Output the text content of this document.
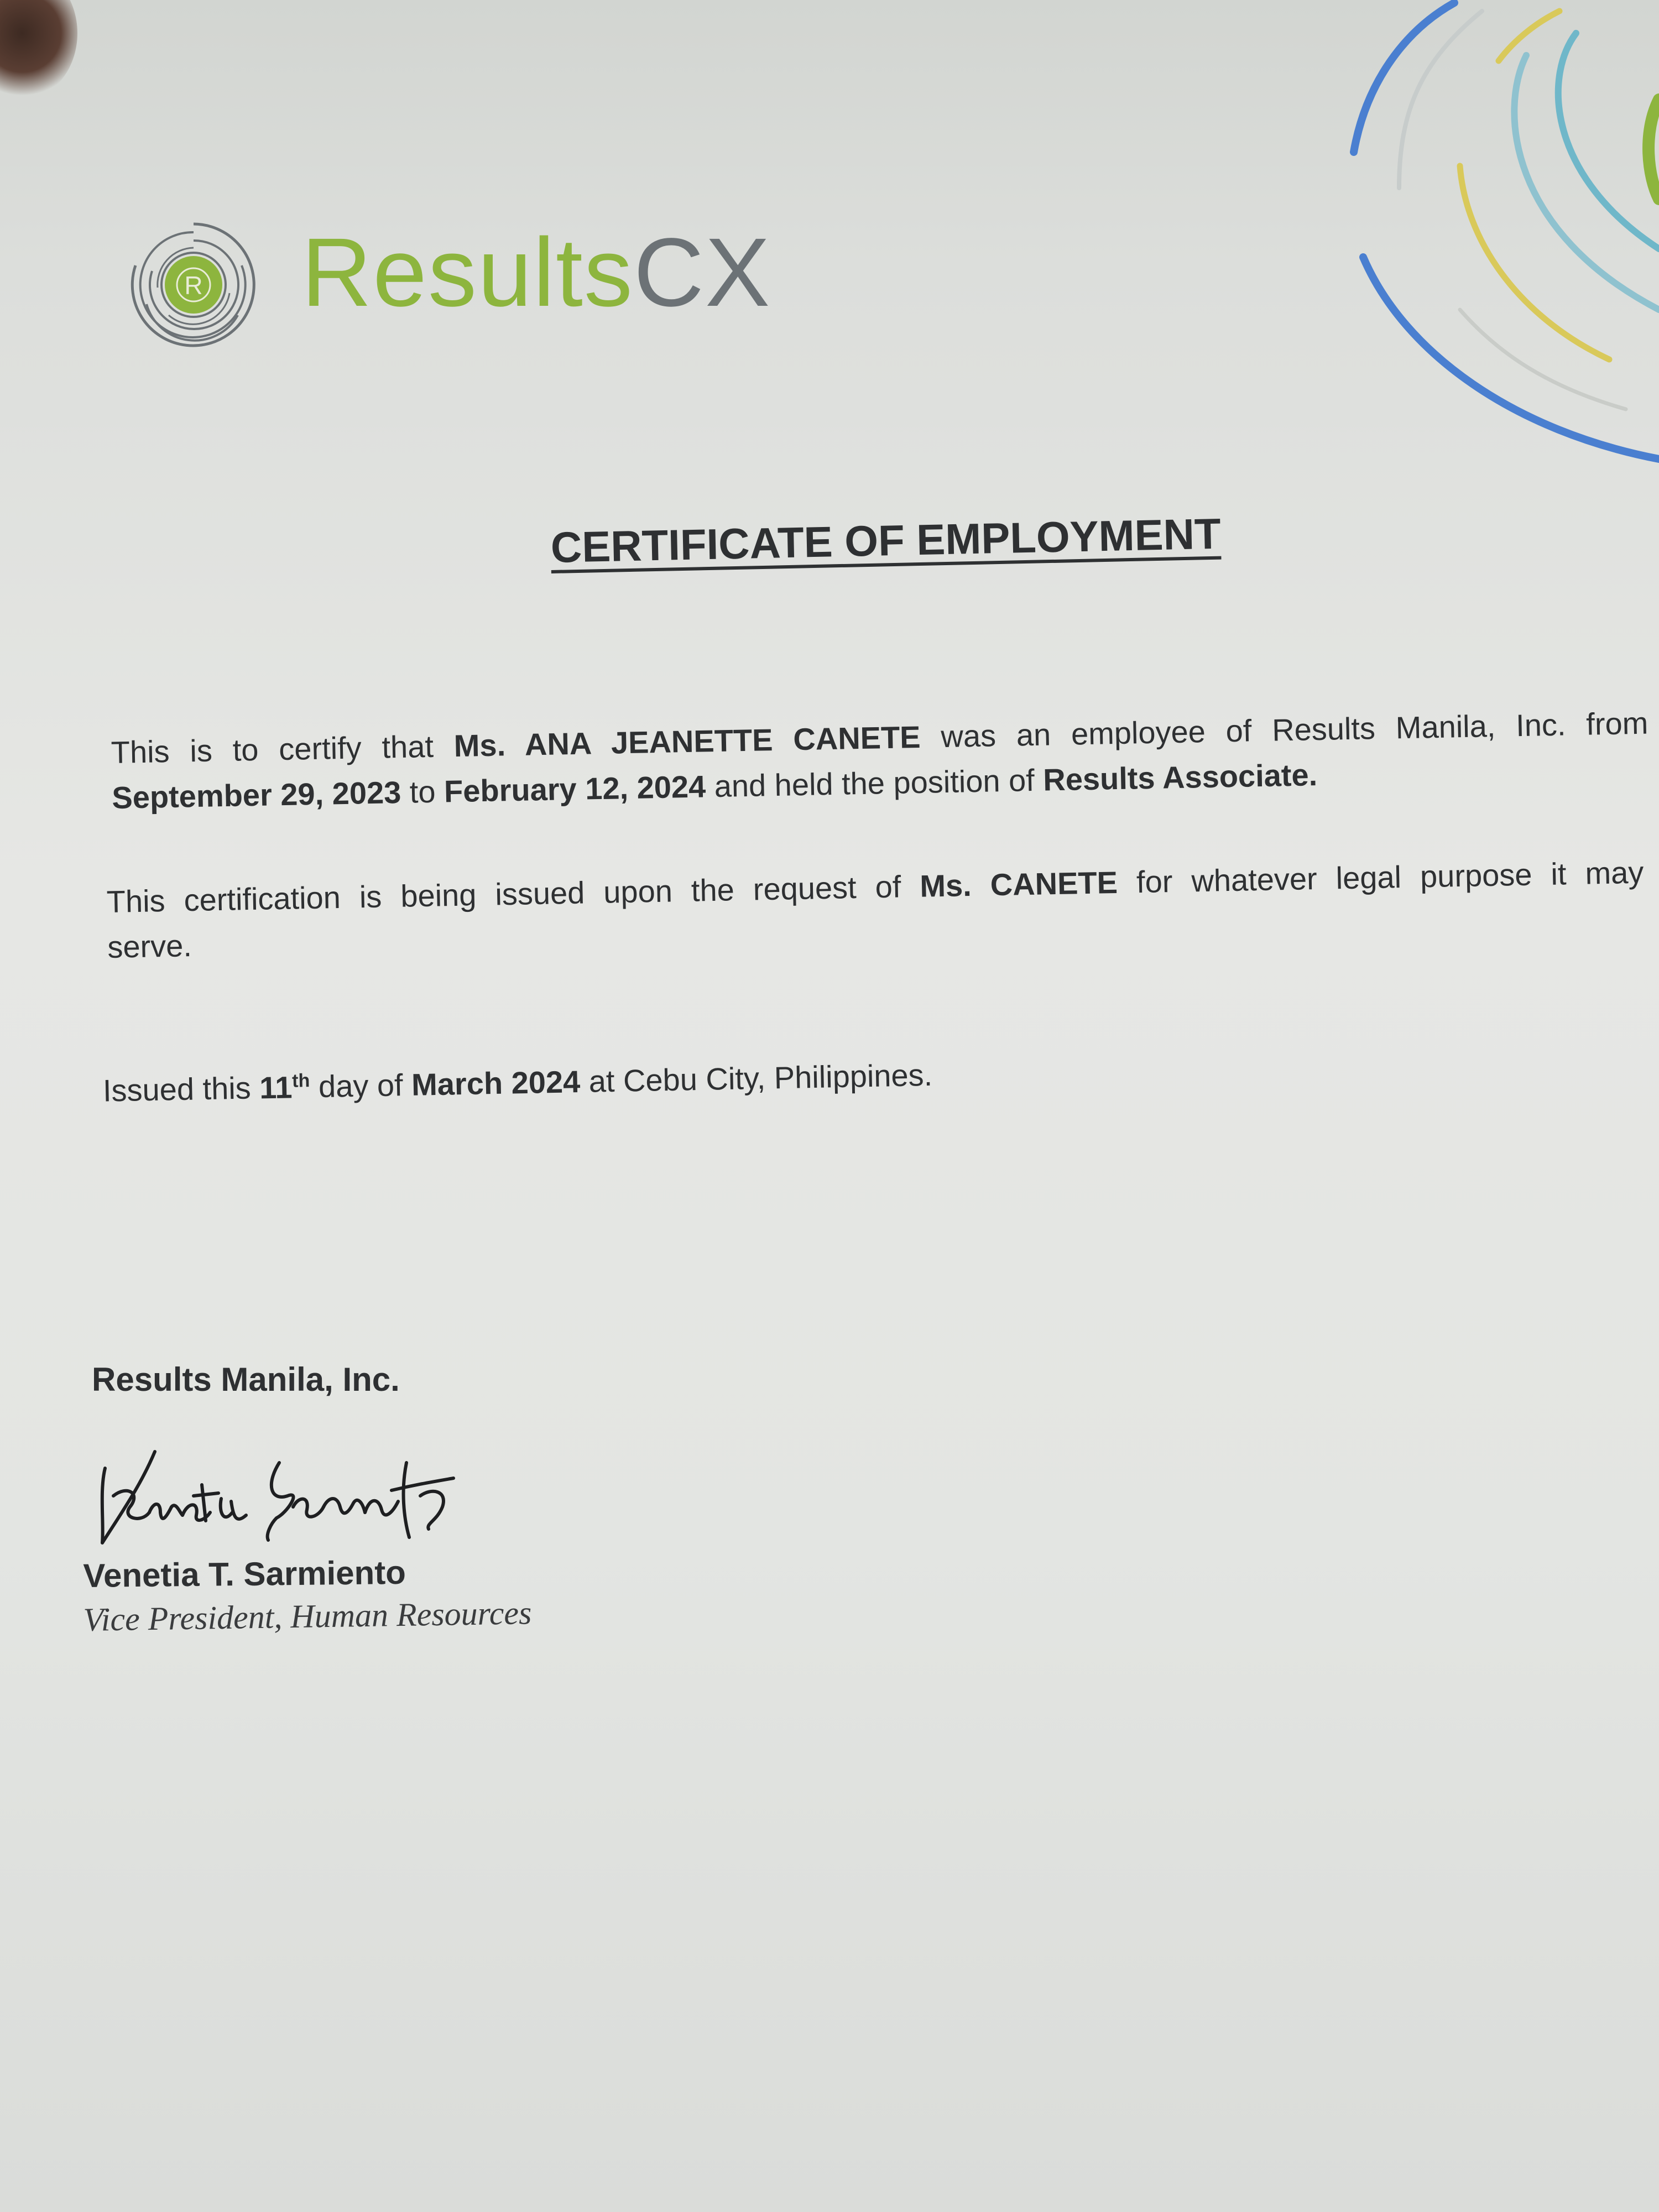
R ResultsCX
CERTIFICATE OF EMPLOYMENT
This is to certify that Ms. ANA JEANETTE CANETE was an employee of Results Manila, Inc. from
September 29, 2023 to February 12, 2024 and held the position of Results Associate.
This certification is being issued upon the request of Ms. CANETE for whatever legal purpose it may
serve.
Issued this 11th day of March 2024 at Cebu City, Philippines.
Results Manila, Inc.
Venetia T. Sarmiento
Vice President, Human Resources
